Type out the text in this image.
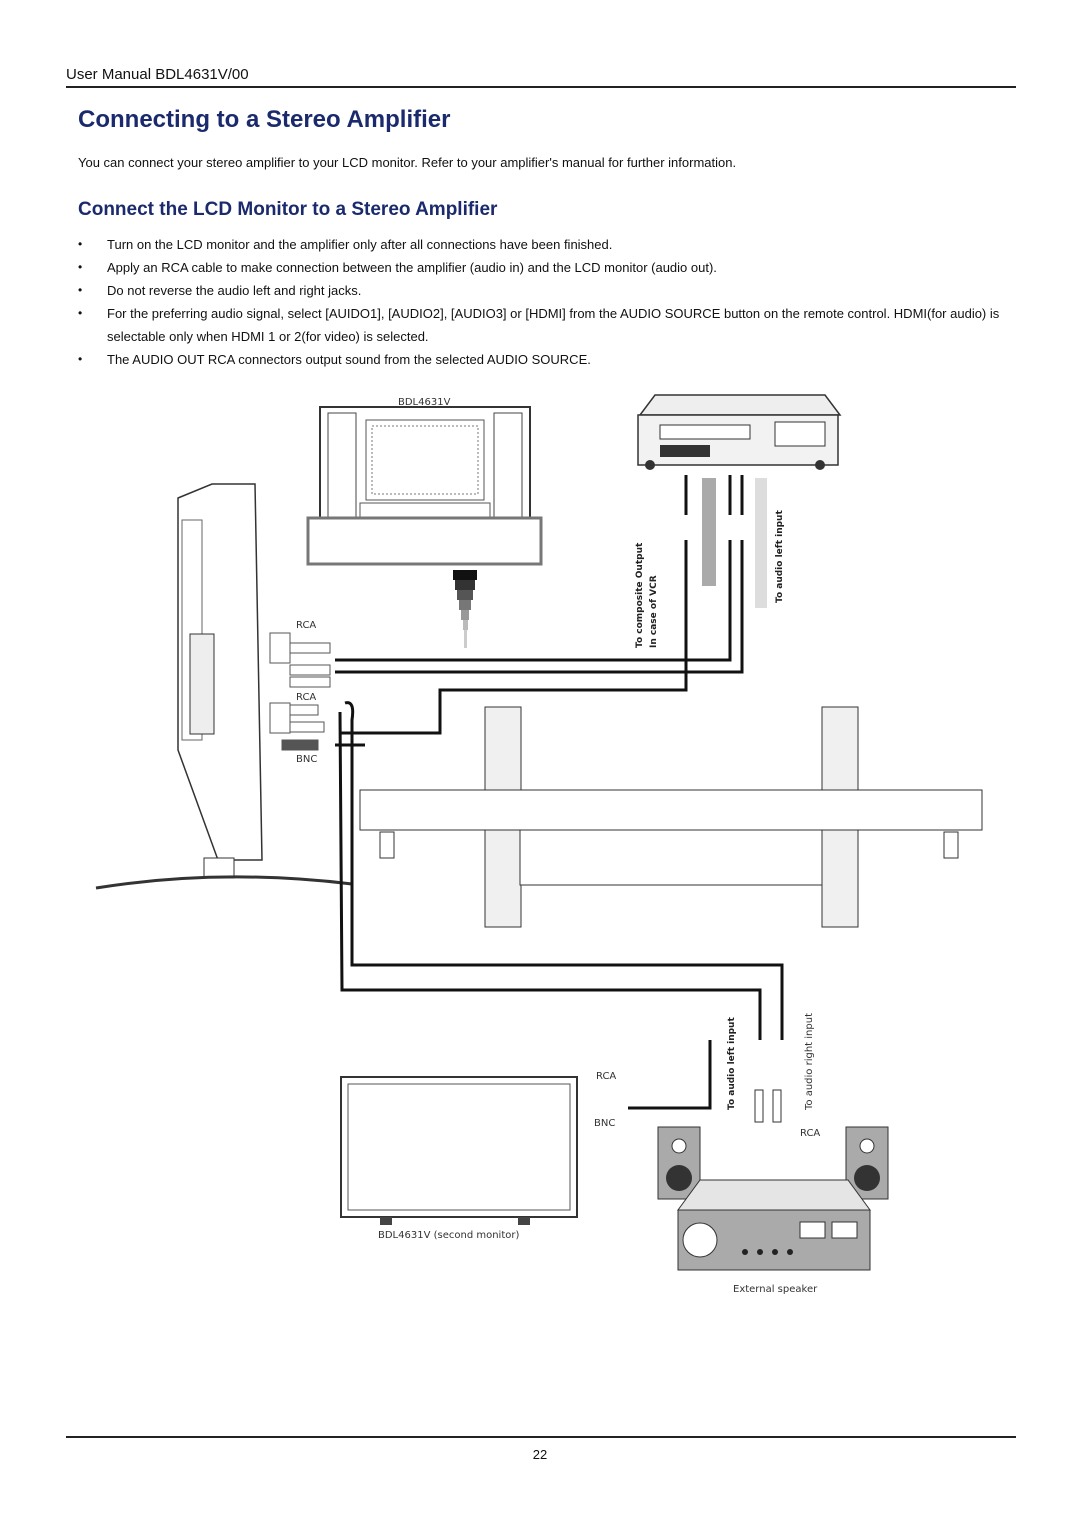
User Manual BDL4631V/00
Connecting to a Stereo Amplifier
You can connect your stereo amplifier to your LCD monitor. Refer to your amplifier's manual for further information.
Connect the LCD Monitor to a Stereo Amplifier
• Turn on the LCD monitor and the amplifier only after all connections have been finished.
• Apply an RCA cable to make connection between the amplifier (audio in) and the LCD monitor (audio out).
• Do not reverse the audio left and right jacks.
• For the preferring audio signal, select [AUIDO1], [AUDIO2], [AUDIO3] or [HDMI] from the AUDIO SOURCE button on the remote control. HDMI(for audio) is selectable only when HDMI 1 or 2(for video) is selected.
• The AUDIO OUT RCA connectors output sound from the selected AUDIO SOURCE.
BDL4631V
To composite Output In case of VCR
To audio left input
RCA
RCA
BNC
RCA
BNC
BDL4631V (second monitor)
To audio left input	To audio right input
RCA
External speaker
22
